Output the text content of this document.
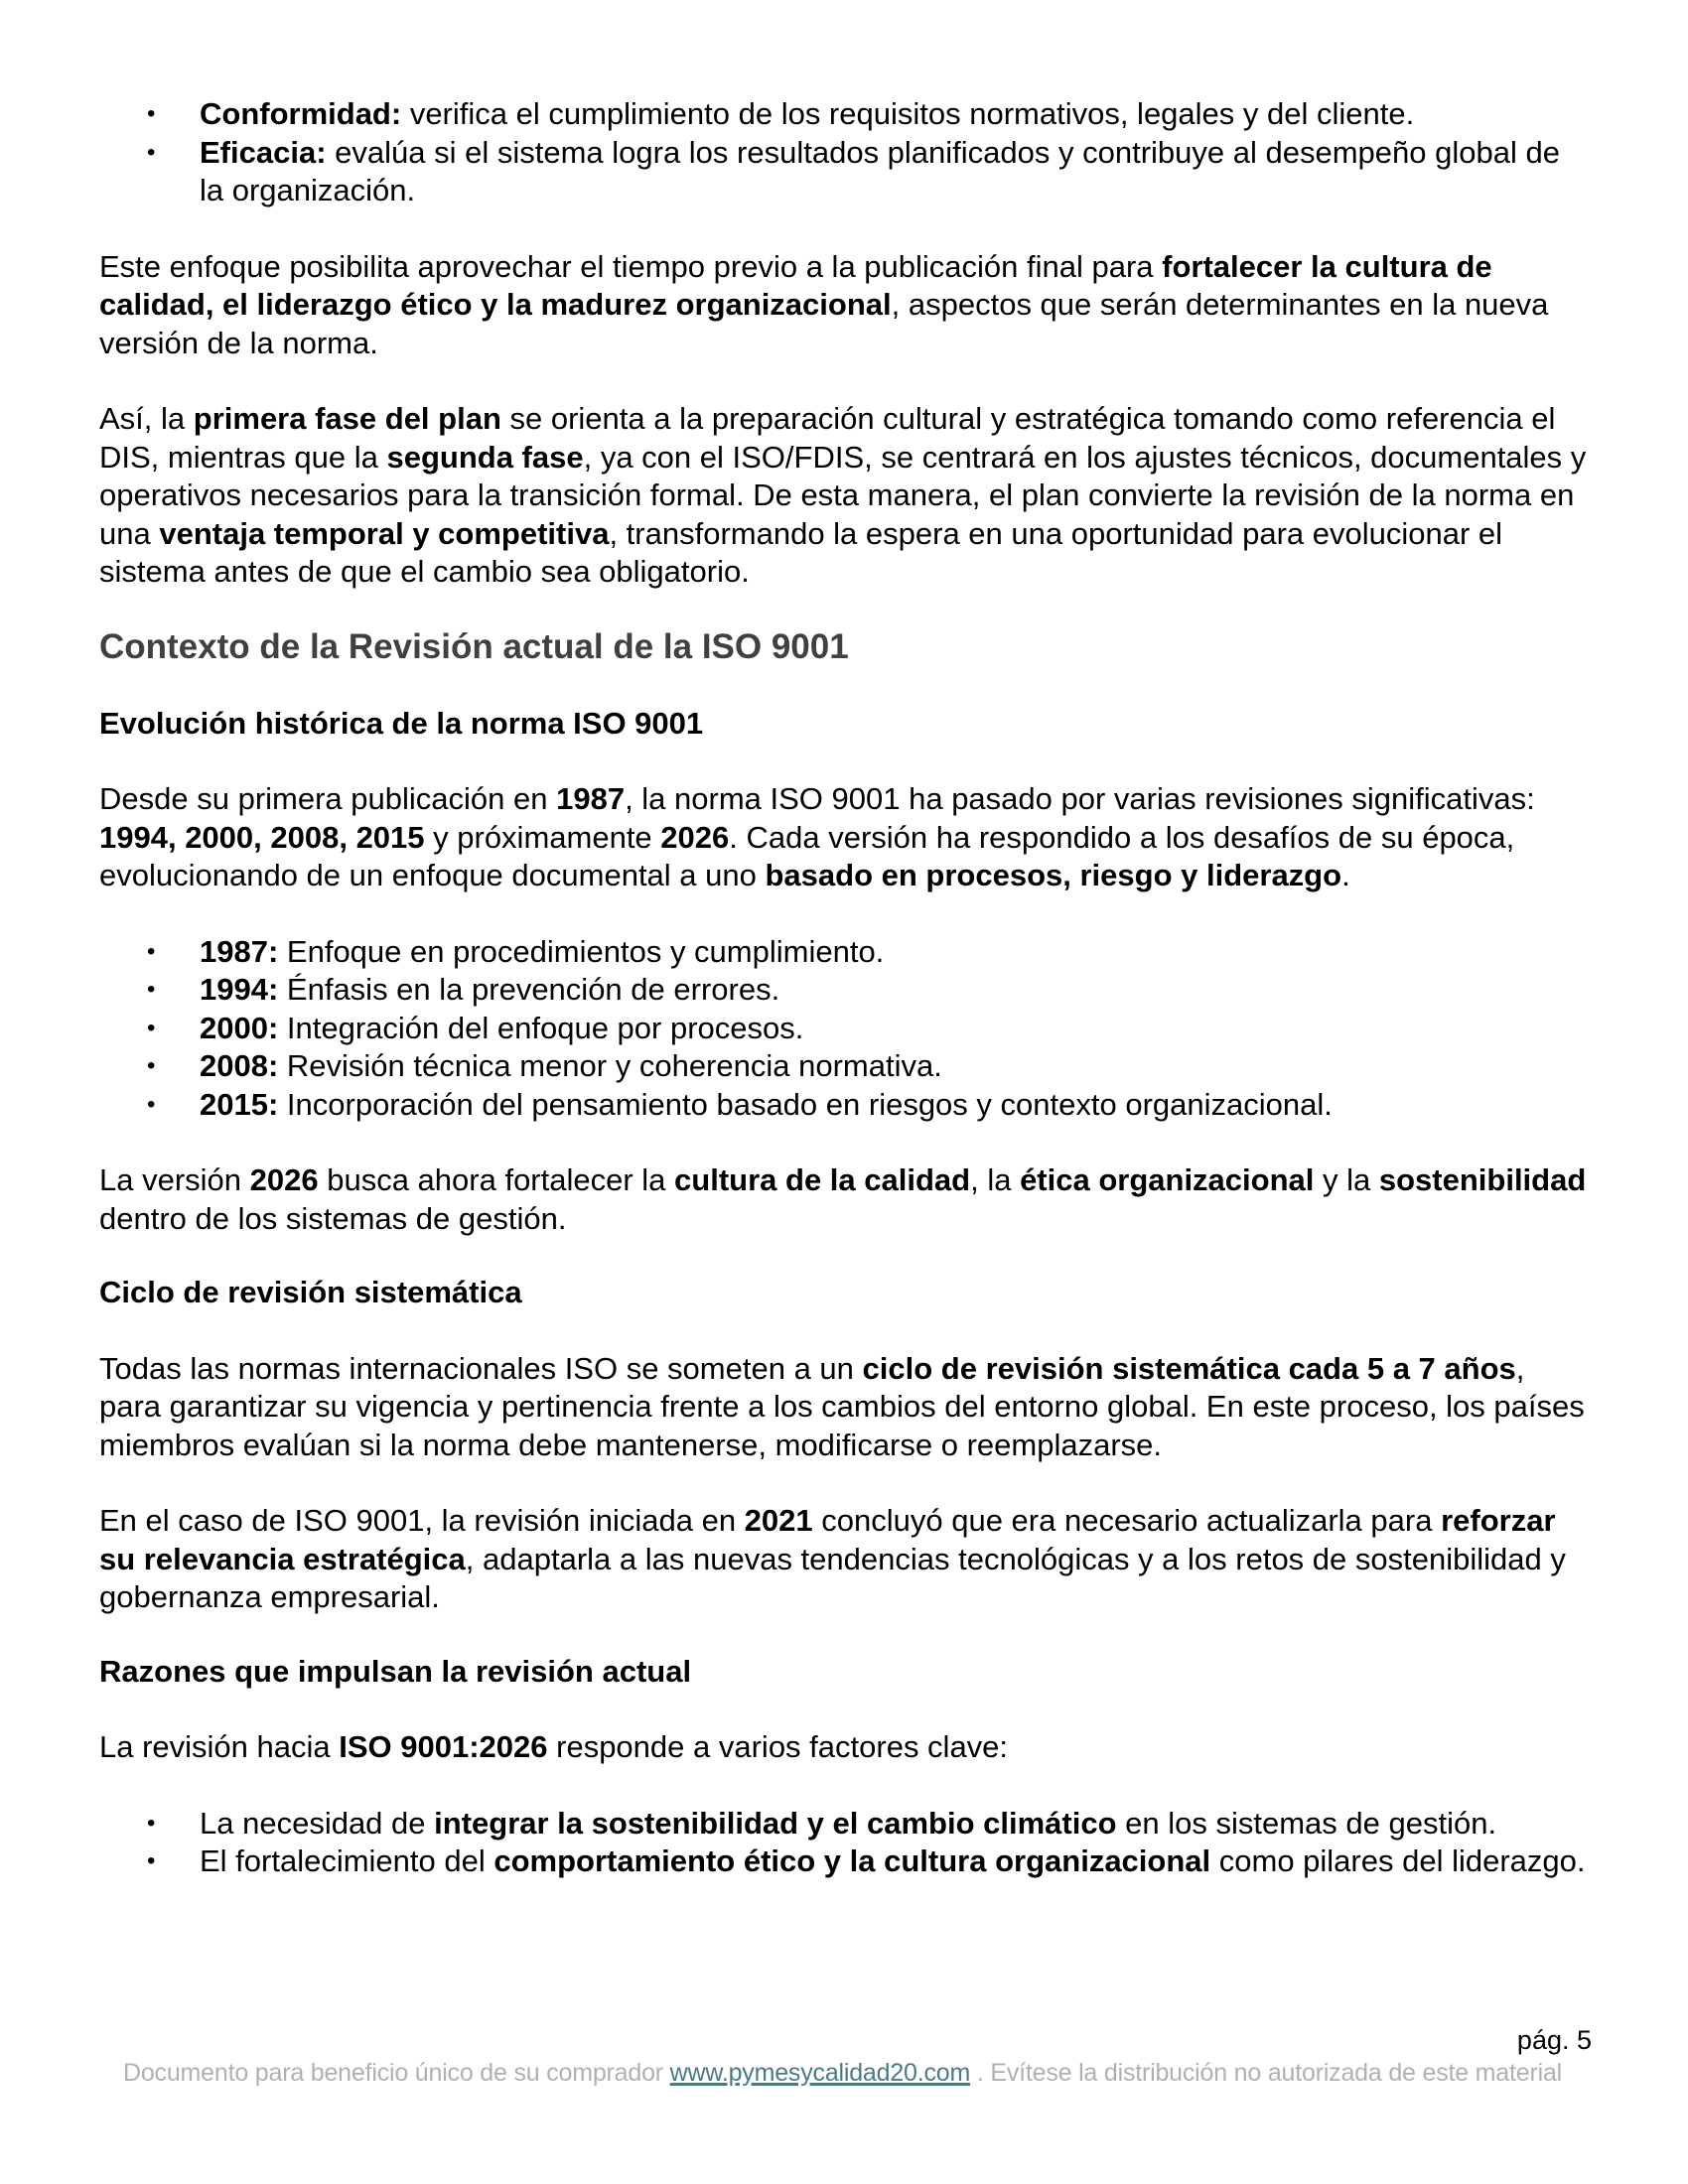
• Conformidad: verifica el cumplimiento de los requisitos normativos, legales y del cliente.
• Eficacia: evalúa si el sistema logra los resultados planificados y contribuye al desempeño global de la organización.

Este enfoque posibilita aprovechar el tiempo previo a la publicación final para fortalecer la cultura de calidad, el liderazgo ético y la madurez organizacional, aspectos que serán determinantes en la nueva versión de la norma.

Así, la primera fase del plan se orienta a la preparación cultural y estratégica tomando como referencia el DIS, mientras que la segunda fase, ya con el ISO/FDIS, se centrará en los ajustes técnicos, documentales y operativos necesarios para la transición formal. De esta manera, el plan convierte la revisión de la norma en una ventaja temporal y competitiva, transformando la espera en una oportunidad para evolucionar el sistema antes de que el cambio sea obligatorio.

Contexto de la Revisión actual de la ISO 9001
Evolución histórica de la norma ISO 9001

Desde su primera publicación en 1987, la norma ISO 9001 ha pasado por varias revisiones significativas: 1994, 2000, 2008, 2015 y próximamente 2026. Cada versión ha respondido a los desafíos de su época, evolucionando de un enfoque documental a uno basado en procesos, riesgo y liderazgo.

• 1987: Enfoque en procedimientos y cumplimiento.
• 1994: Énfasis en la prevención de errores.
• 2000: Integración del enfoque por procesos.
• 2008: Revisión técnica menor y coherencia normativa.
• 2015: Incorporación del pensamiento basado en riesgos y contexto organizacional.

La versión 2026 busca ahora fortalecer la cultura de la calidad, la ética organizacional y la sostenibilidad dentro de los sistemas de gestión.

Ciclo de revisión sistemática

Todas las normas internacionales ISO se someten a un ciclo de revisión sistemática cada 5 a 7 años, para garantizar su vigencia y pertinencia frente a los cambios del entorno global. En este proceso, los países miembros evalúan si la norma debe mantenerse, modificarse o reemplazarse.

En el caso de ISO 9001, la revisión iniciada en 2021 concluyó que era necesario actualizarla para reforzar su relevancia estratégica, adaptarla a las nuevas tendencias tecnológicas y a los retos de sostenibilidad y gobernanza empresarial.

Razones que impulsan la revisión actual

La revisión hacia ISO 9001:2026 responde a varios factores clave:

• La necesidad de integrar la sostenibilidad y el cambio climático en los sistemas de gestión.
• El fortalecimiento del comportamiento ético y la cultura organizacional como pilares del liderazgo.
pág. 5
Documento para beneficio único de su comprador www.pymesycalidad20.com . Evítese la distribución no autorizada de este material
